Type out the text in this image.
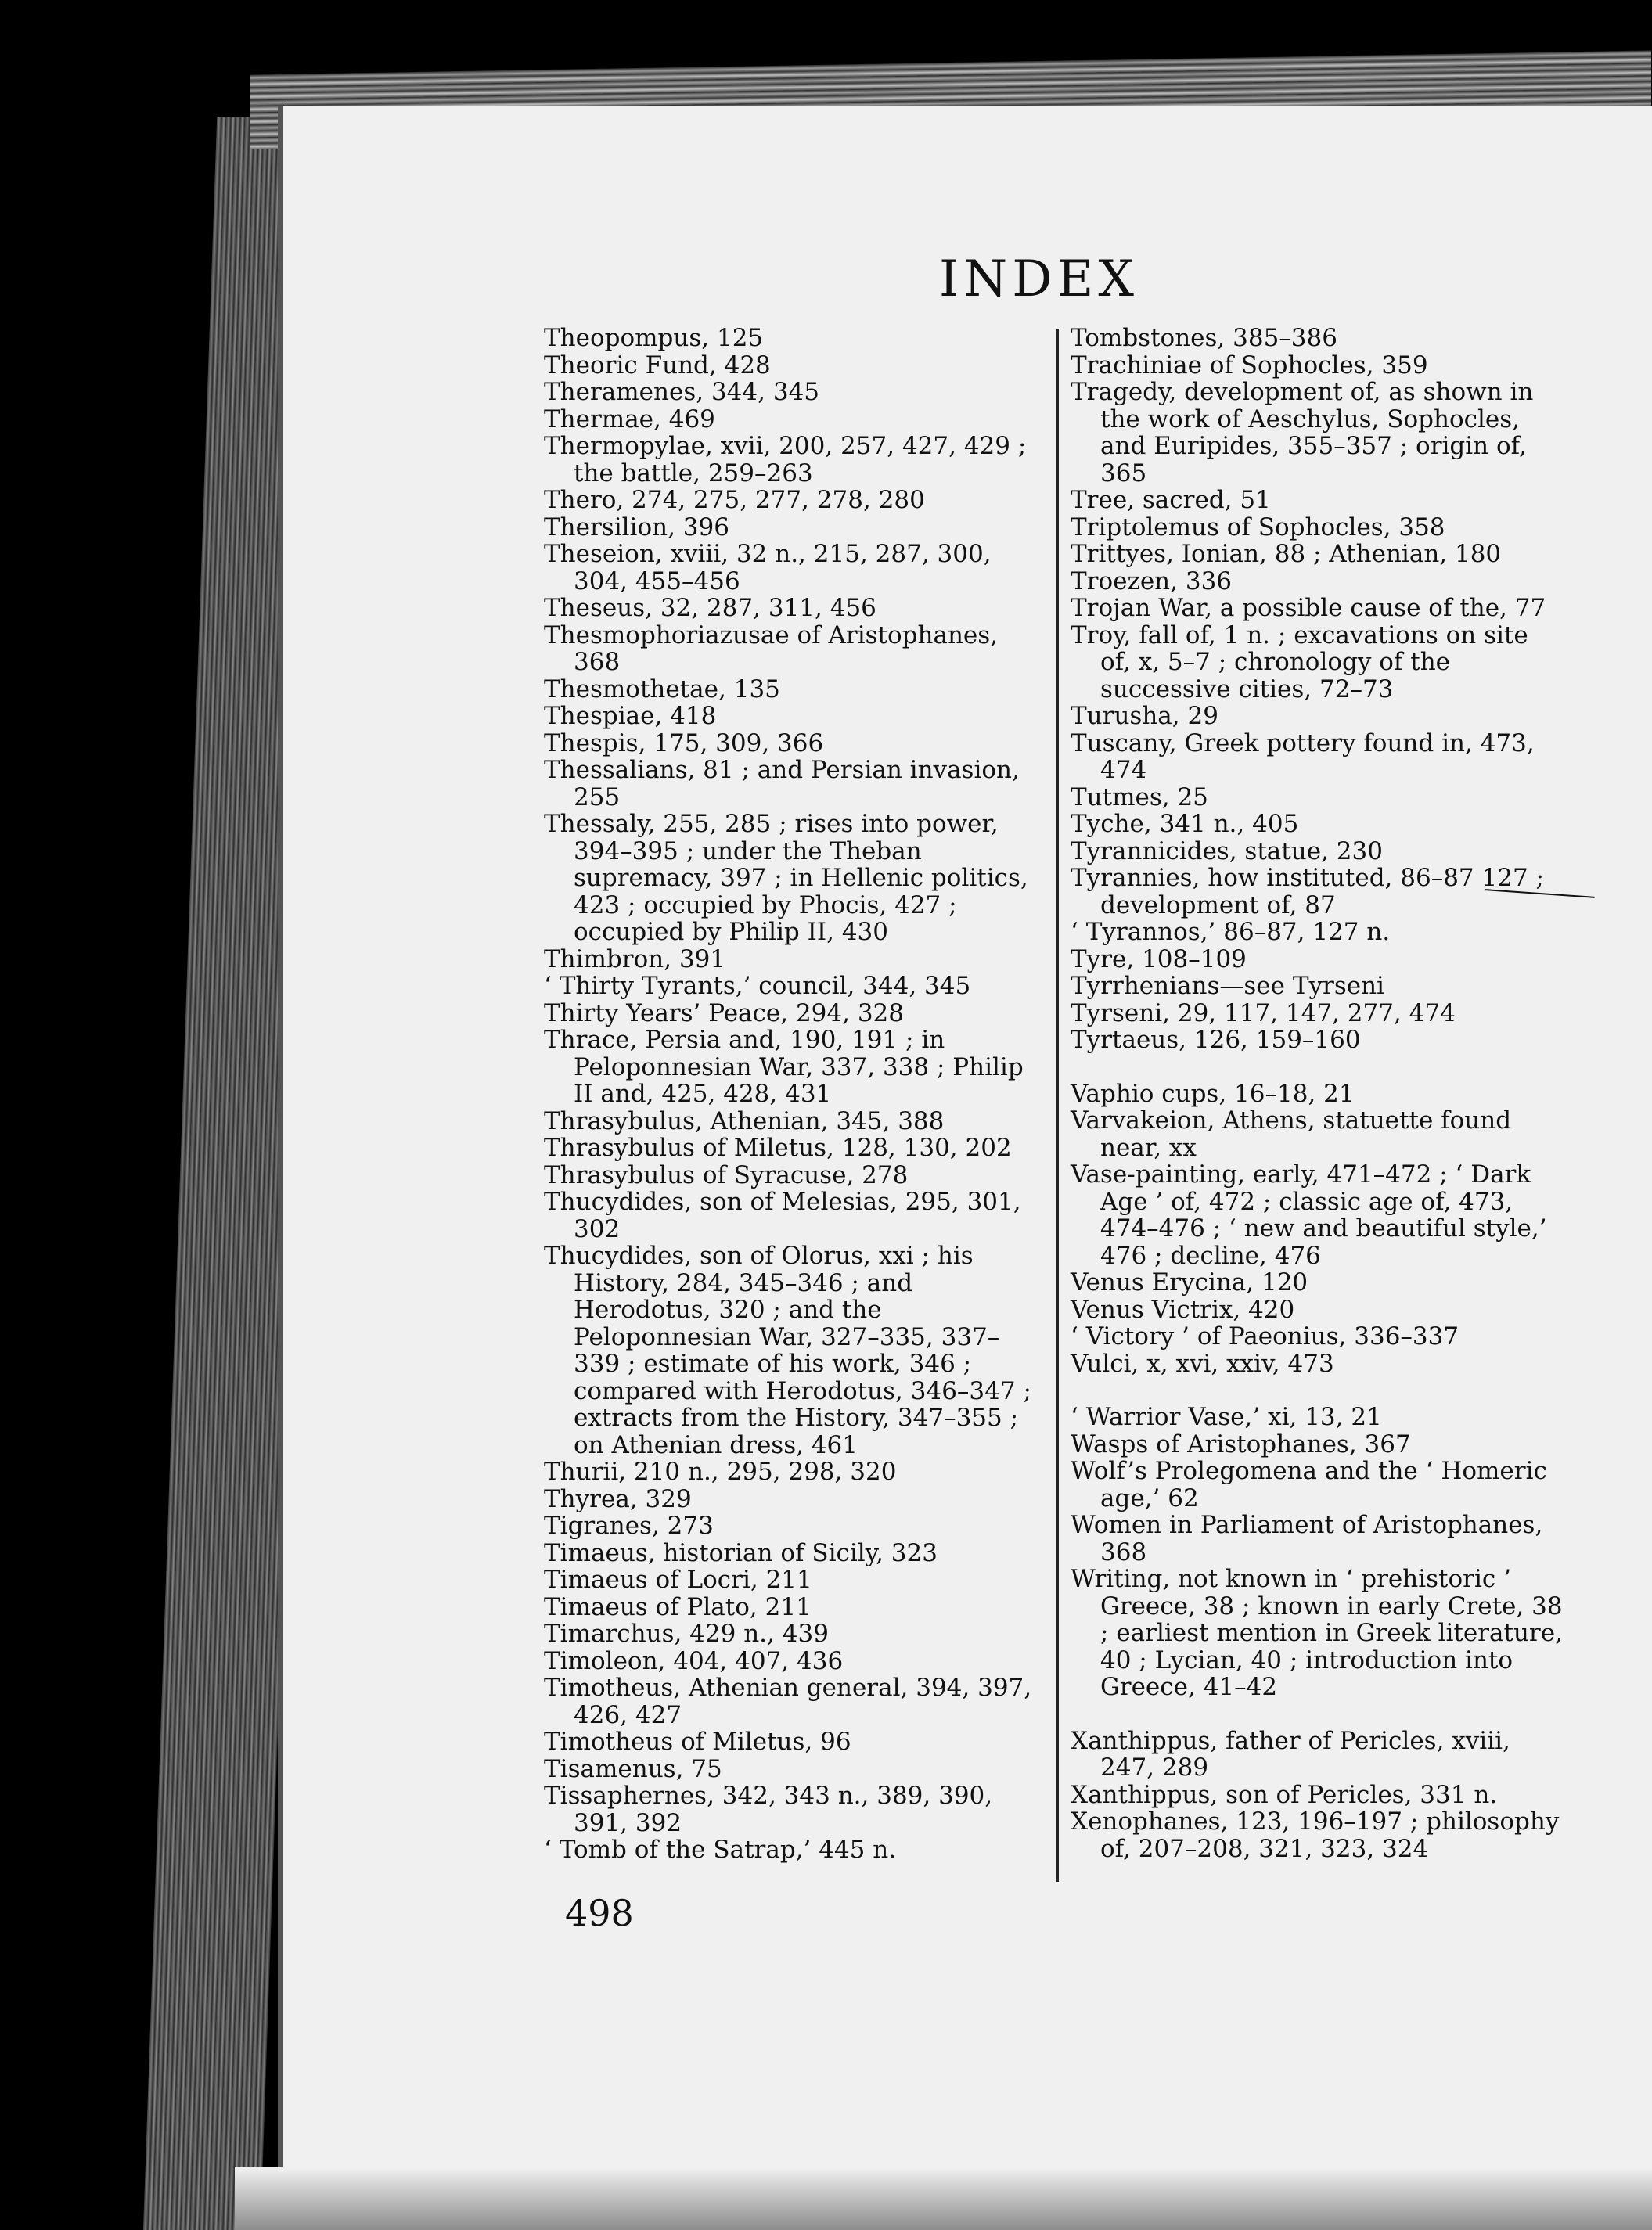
INDEX
Theopompus, 125
Theoric Fund, 428
Theramenes, 344, 345
Thermae, 469
Thermopylae, xvii, 200, 257, 427, 429 ; the battle, 259–263
Thero, 274, 275, 277, 278, 280
Thersilion, 396
Theseion, xviii, 32 n., 215, 287, 300, 304, 455–456
Theseus, 32, 287, 311, 456
Thesmophoriazusae of Aristophanes, 368
Thesmothetae, 135
Thespiae, 418
Thespis, 175, 309, 366
Thessalians, 81 ; and Persian invasion, 255
Thessaly, 255, 285 ; rises into power, 394–395 ; under the Theban supremacy, 397 ; in Hellenic politics, 423 ; occupied by Phocis, 427 ; occupied by Philip II, 430
Thimbron, 391
‘ Thirty Tyrants,’ council, 344, 345
Thirty Years’ Peace, 294, 328
Thrace, Persia and, 190, 191 ; in Peloponnesian War, 337, 338 ; Philip II and, 425, 428, 431
Thrasybulus, Athenian, 345, 388
Thrasybulus of Miletus, 128, 130, 202
Thrasybulus of Syracuse, 278
Thucydides, son of Melesias, 295, 301, 302
Thucydides, son of Olorus, xxi ; his History, 284, 345–346 ; and Herodotus, 320 ; and the Peloponnesian War, 327–335, 337–339 ; estimate of his work, 346 ; compared with Herodotus, 346–347 ; extracts from the History, 347–355 ; on Athenian dress, 461
Thurii, 210 n., 295, 298, 320
Thyrea, 329
Tigranes, 273
Timaeus, historian of Sicily, 323
Timaeus of Locri, 211
Timaeus of Plato, 211
Timarchus, 429 n., 439
Timoleon, 404, 407, 436
Timotheus, Athenian general, 394, 397, 426, 427
Timotheus of Miletus, 96
Tisamenus, 75
Tissaphernes, 342, 343 n., 389, 390, 391, 392
‘ Tomb of the Satrap,’ 445 n.
Tombstones, 385–386
Trachiniae of Sophocles, 359
Tragedy, development of, as shown in the work of Aeschylus, Sophocles, and Euripides, 355–357 ; origin of, 365
Tree, sacred, 51
Triptolemus of Sophocles, 358
Trittyes, Ionian, 88 ; Athenian, 180
Troezen, 336
Trojan War, a possible cause of the, 77
Troy, fall of, 1 n. ; excavations on site of, x, 5–7 ; chronology of the successive cities, 72–73
Turusha, 29
Tuscany, Greek pottery found in, 473, 474
Tutmes, 25
Tyche, 341 n., 405
Tyrannicides, statue, 230
Tyrannies, how instituted, 86–87 127 ; development of, 87
‘ Tyrannos,’ 86–87, 127 n.
Tyre, 108–109
Tyrrhenians—see Tyrseni
Tyrseni, 29, 117, 147, 277, 474
Tyrtaeus, 126, 159–160
Vaphio cups, 16–18, 21
Varvakeion, Athens, statuette found near, xx
Vase-painting, early, 471–472 ; ‘ Dark Age ’ of, 472 ; classic age of, 473, 474–476 ; ‘ new and beautiful style,’ 476 ; decline, 476
Venus Erycina, 120
Venus Victrix, 420
‘ Victory ’ of Paeonius, 336–337
Vulci, x, xvi, xxiv, 473
‘ Warrior Vase,’ xi, 13, 21
Wasps of Aristophanes, 367
Wolf’s Prolegomena and the ‘ Homeric age,’ 62
Women in Parliament of Aristophanes, 368
Writing, not known in ‘ prehistoric ’ Greece, 38 ; known in early Crete, 38 ; earliest mention in Greek literature, 40 ; Lycian, 40 ; introduction into Greece, 41–42
Xanthippus, father of Pericles, xviii, 247, 289
Xanthippus, son of Pericles, 331 n.
Xenophanes, 123, 196–197 ; philosophy of, 207–208, 321, 323, 324
498
